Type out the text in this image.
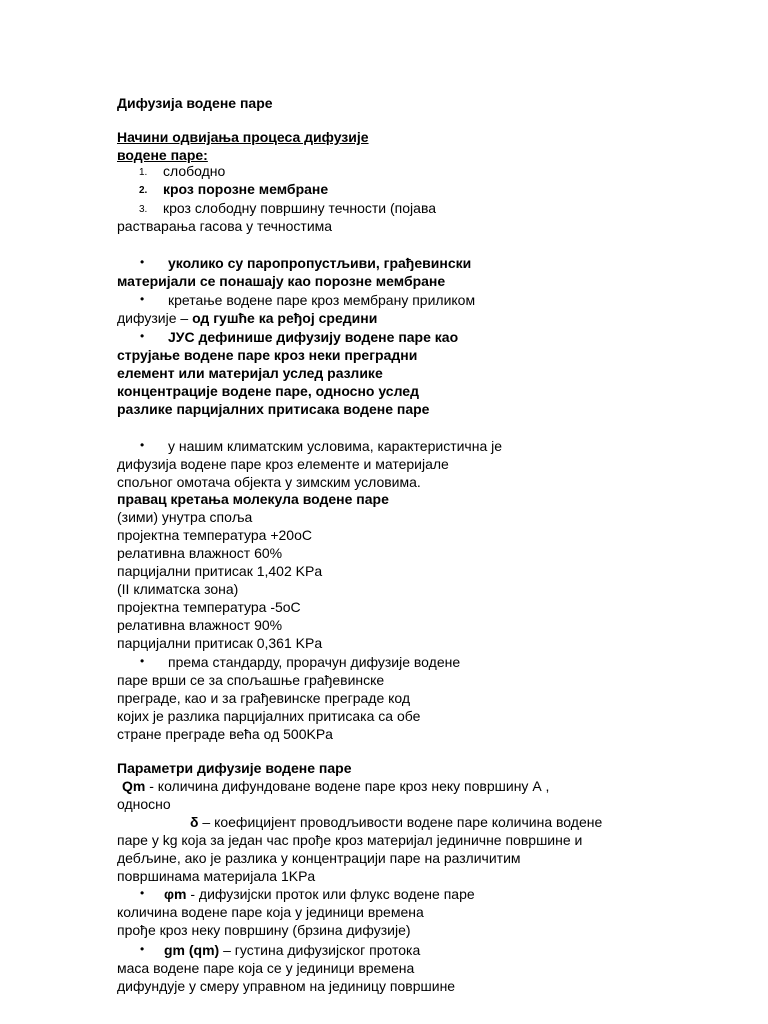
Дифузија водене паре
Начини одвијања процеса дифузије
водене паре:
1. слободно
2. кроз порозне мембране
3. кроз слободну површину течности (појава
растварања гасова у течностима
• уколико су паропропустљиви, грађевински
материјали се понашају као порозне мембране
• кретање водене паре кроз мембрану приликом
дифузије – од гушће ка ређој средини
• ЈУС дефинише дифузију водене паре као
струјање водене паре кроз неки преградни
елемент или материјал услед разлике
концентрације водене паре, односно услед
разлике парцијалних притисака водене паре
• у нашим климатским условима, карактеристична је
дифузија водене паре кроз елементе и материјале
спољног омотача објекта у зимским условима.
правац кретања молекула водене паре
(зими) унутра споља
пројектна температура +20оС
релативна влажност 60%
парцијални притисак 1,402 KPa
(II климатска зона)
пројектна температура -5оС
релативна влажност 90%
парцијални притисак 0,361 KPa
• према стандарду, прорачун дифузије водене
паре врши се за спољашње грађевинске
преграде, као и за грађевинске преграде код
којих је разлика парцијалних притисака са обе
стране преграде већа од 500KPa
Параметри дифузије водене паре
Qm - количина дифундоване водене паре кроз неку површину А ,
односно
δ – коефицијент проводљивости водене паре количина водене
паре у kg која за један час прође кроз материјал јединичне површине и
дебљине, ако је разлика у концентрацији паре на различитим
површинама материјала 1KPa
• φm - дифузијски проток или флукс водене паре
количина водене паре која у јединици времена
прође кроз неку површину (брзина дифузије)
• gm (qm) – густина дифузијског протока
маса водене паре која се у јединици времена
дифундује у смеру управном на јединицу површине
